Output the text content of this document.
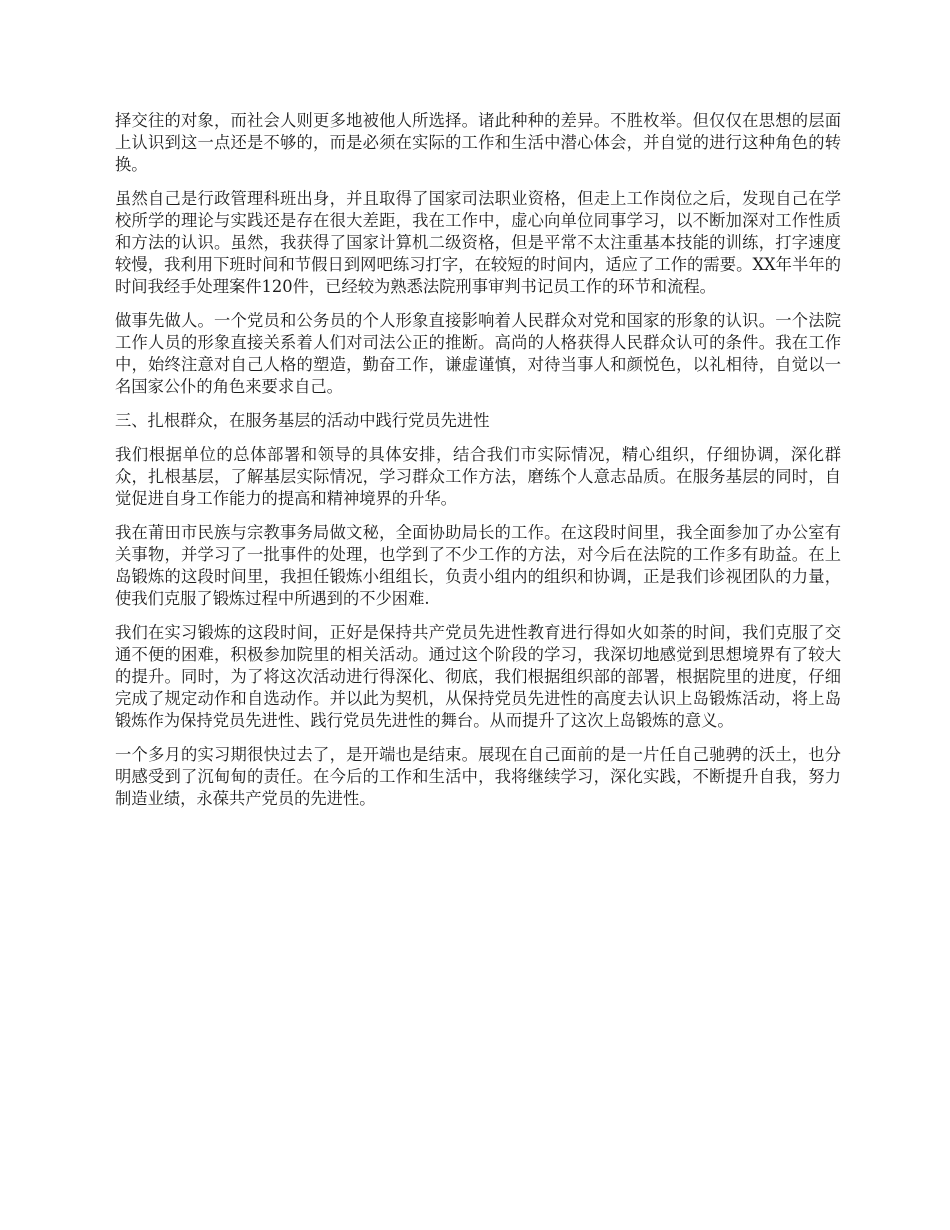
择交往的对象，而社会人则更多地被他人所选择。诸此种种的差异。不胜枚举。但仅仅在思想的层面上认识到这一点还是不够的，而是必须在实际的工作和生活中潜心体会，并自觉的进行这种角色的转换。

虽然自己是行政管理科班出身，并且取得了国家司法职业资格，但走上工作岗位之后，发现自己在学校所学的理论与实践还是存在很大差距，我在工作中，虚心向单位同事学习，以不断加深对工作性质和方法的认识。虽然，我获得了国家计算机二级资格，但是平常不太注重基本技能的训练，打字速度较慢，我利用下班时间和节假日到网吧练习打字，在较短的时间内，适应了工作的需要。XX年半年的时间我经手处理案件120件，已经较为熟悉法院刑事审判书记员工作的环节和流程。

做事先做人。一个党员和公务员的个人形象直接影响着人民群众对党和国家的形象的认识。一个法院工作人员的形象直接关系着人们对司法公正的推断。高尚的人格获得人民群众认可的条件。我在工作中，始终注意对自己人格的塑造，勤奋工作，谦虚谨慎，对待当事人和颜悦色，以礼相待，自觉以一名国家公仆的角色来要求自己。

三、扎根群众，在服务基层的活动中践行党员先进性

我们根据单位的总体部署和领导的具体安排，结合我们市实际情况，精心组织，仔细协调，深化群众，扎根基层，了解基层实际情况，学习群众工作方法，磨练个人意志品质。在服务基层的同时，自觉促进自身工作能力的提高和精神境界的升华。

我在莆田市民族与宗教事务局做文秘，全面协助局长的工作。在这段时间里，我全面参加了办公室有关事物，并学习了一批事件的处理，也学到了不少工作的方法，对今后在法院的工作多有助益。在上岛锻炼的这段时间里，我担任锻炼小组组长，负责小组内的组织和协调，正是我们诊视团队的力量，使我们克服了锻炼过程中所遇到的不少困难.

我们在实习锻炼的这段时间，正好是保持共产党员先进性教育进行得如火如荼的时间，我们克服了交通不便的困难，积极参加院里的相关活动。通过这个阶段的学习，我深切地感觉到思想境界有了较大的提升。同时，为了将这次活动进行得深化、彻底，我们根据组织部的部署，根据院里的进度，仔细完成了规定动作和自选动作。并以此为契机，从保持党员先进性的高度去认识上岛锻炼活动，将上岛锻炼作为保持党员先进性、践行党员先进性的舞台。从而提升了这次上岛锻炼的意义。

一个多月的实习期很快过去了，是开端也是结束。展现在自己面前的是一片任自己驰骋的沃土，也分明感受到了沉甸甸的责任。在今后的工作和生活中，我将继续学习，深化实践，不断提升自我，努力制造业绩，永葆共产党员的先进性。
